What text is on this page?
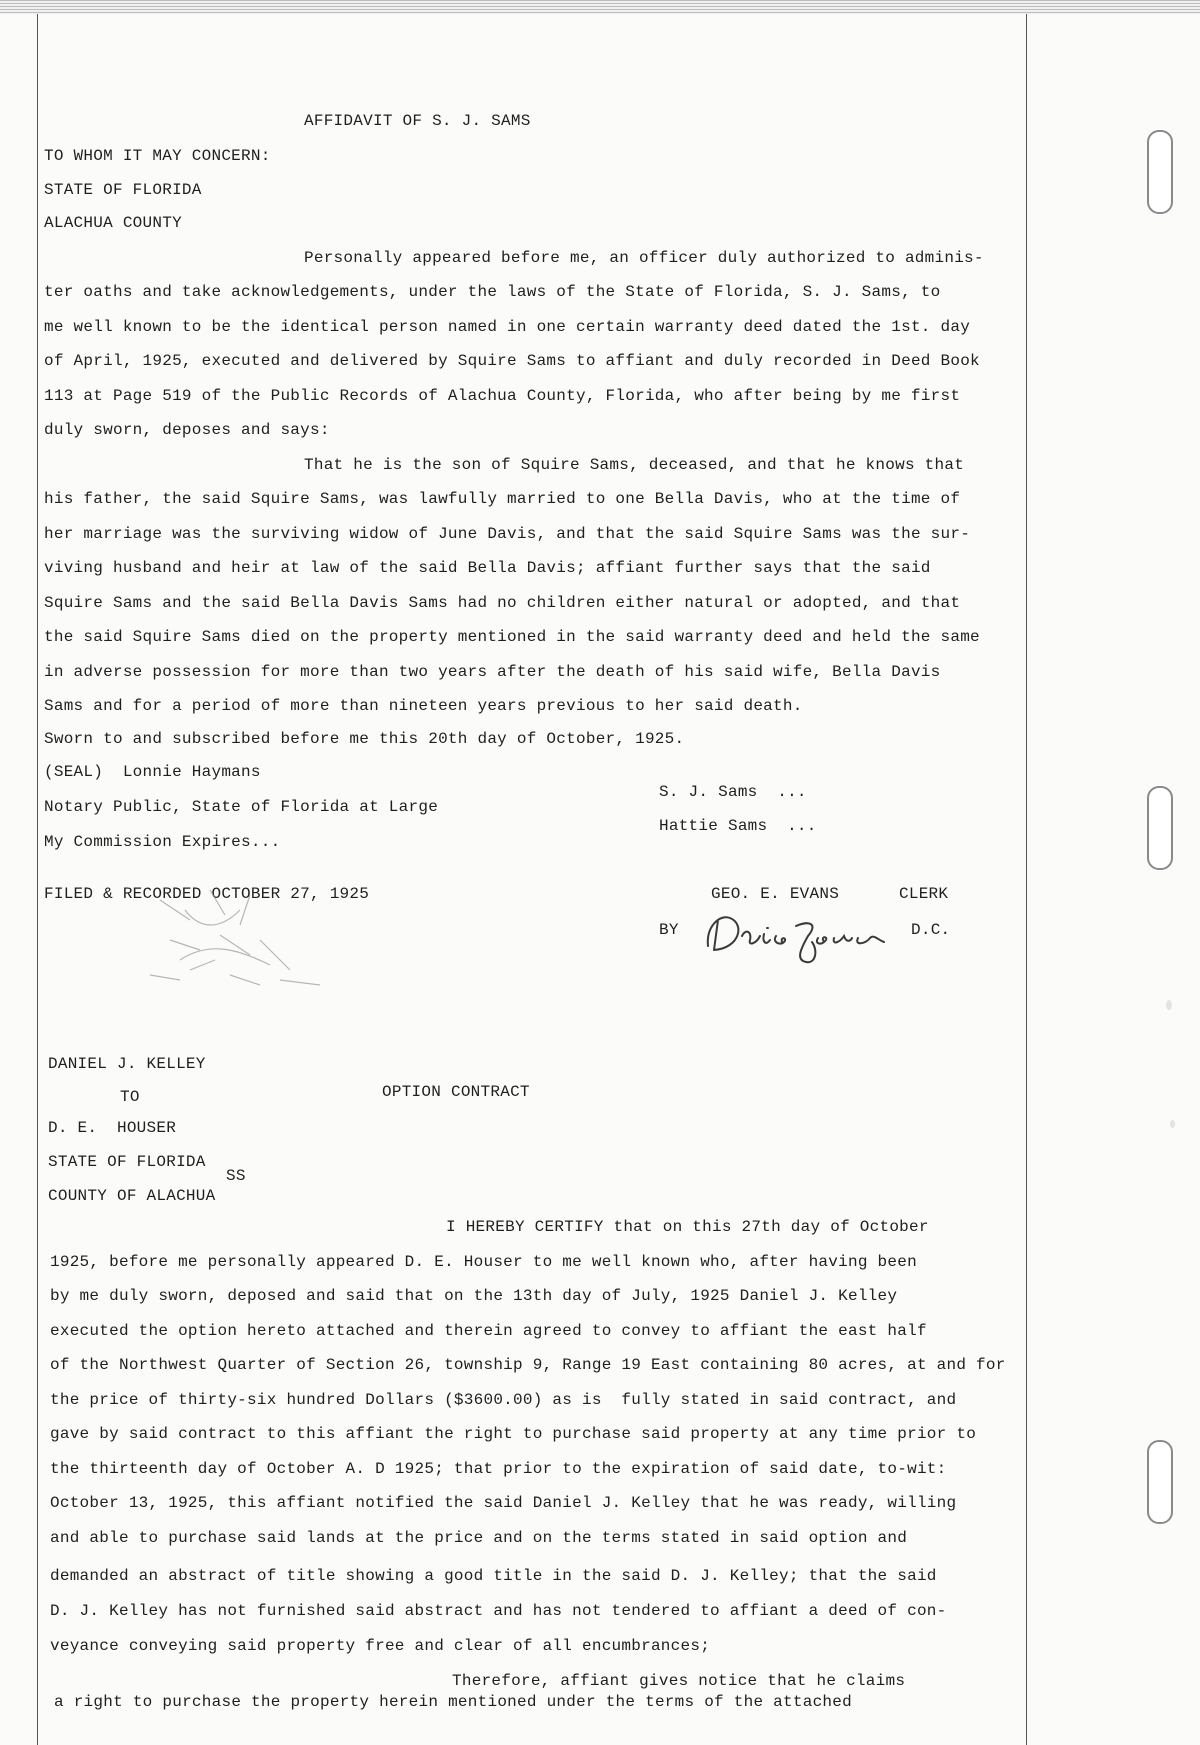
AFFIDAVIT OF S. J. SAMS
TO WHOM IT MAY CONCERN:
STATE OF FLORIDA
ALACHUA COUNTY
Personally appeared before me, an officer duly authorized to adminis-
ter oaths and take acknowledgements, under the laws of the State of Florida, S. J. Sams, to
me well known to be the identical person named in one certain warranty deed dated the 1st. day
of April, 1925, executed and delivered by Squire Sams to affiant and duly recorded in Deed Book
113 at Page 519 of the Public Records of Alachua County, Florida, who after being by me first
duly sworn, deposes and says:
That he is the son of Squire Sams, deceased, and that he knows that
his father, the said Squire Sams, was lawfully married to one Bella Davis, who at the time of
her marriage was the surviving widow of June Davis, and that the said Squire Sams was the sur-
viving husband and heir at law of the said Bella Davis; affiant further says that the said
Squire Sams and the said Bella Davis Sams had no children either natural or adopted, and that
the said Squire Sams died on the property mentioned in the said warranty deed and held the same
in adverse possession for more than two years after the death of his said wife, Bella Davis
Sams and for a period of more than nineteen years previous to her said death.
Sworn to and subscribed before me this 20th day of October, 1925.
(SEAL)  Lonnie Haymans
Notary Public, State of Florida at Large
My Commission Expires...
S. J. Sams  ...
Hattie Sams  ...
FILED & RECORDED OCTOBER 27, 1925	GEO. E. EVANS	CLERK
BY	D.C.
DANIEL J. KELLEY
TO	OPTION CONTRACT
D. E.  HOUSER
STATE OF FLORIDA
SS
COUNTY OF ALACHUA
I HEREBY CERTIFY that on this 27th day of October
1925, before me personally appeared D. E. Houser to me well known who, after having been
by me duly sworn, deposed and said that on the 13th day of July, 1925 Daniel J. Kelley
executed the option hereto attached and therein agreed to convey to affiant the east half
of the Northwest Quarter of Section 26, township 9, Range 19 East containing 80 acres, at and for
the price of thirty-six hundred Dollars ($3600.00) as is  fully stated in said contract, and
gave by said contract to this affiant the right to purchase said property at any time prior to
the thirteenth day of October A. D 1925; that prior to the expiration of said date, to-wit:
October 13, 1925, this affiant notified the said Daniel J. Kelley that he was ready, willing
and able to purchase said lands at the price and on the terms stated in said option and
demanded an abstract of title showing a good title in the said D. J. Kelley; that the said
D. J. Kelley has not furnished said abstract and has not tendered to affiant a deed of con-
veyance conveying said property free and clear of all encumbrances;
Therefore, affiant gives notice that he claims
a right to purchase the property herein mentioned under the terms of the attached
